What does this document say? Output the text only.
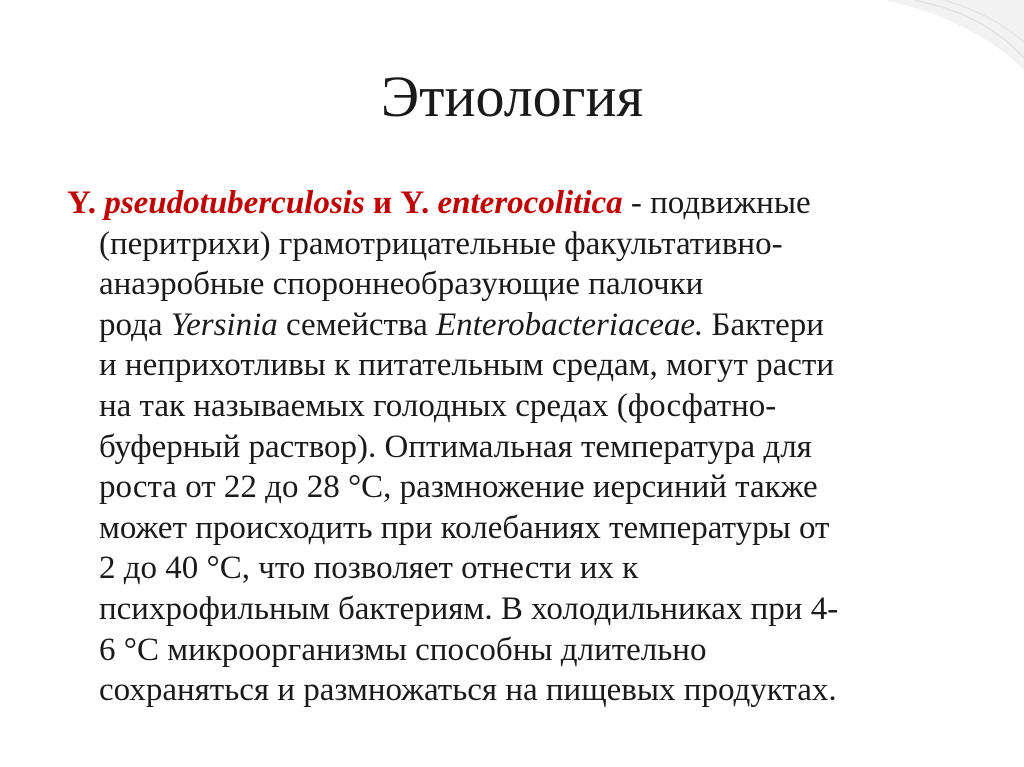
Этиология
Y. pseudotuberculosis и Y. enterocolitica - подвижные
(перитрихи) грамотрицательные факультативно-
анаэробные спороннеобразующие палочки
рода Yersinia семейства Enterobacteriaceae. Бактери
и неприхотливы к питательным средам, могут расти
на так называемых голодных средах (фосфатно-
буферный раствор). Оптимальная температура для
роста от 22 до 28 °С, размножение иерсиний также
может происходить при колебаниях температуры от
2 до 40 °С, что позволяет отнести их к
психрофильным бактериям. В холодильниках при 4-
6 °С микроорганизмы способны длительно
сохраняться и размножаться на пищевых продуктах.
